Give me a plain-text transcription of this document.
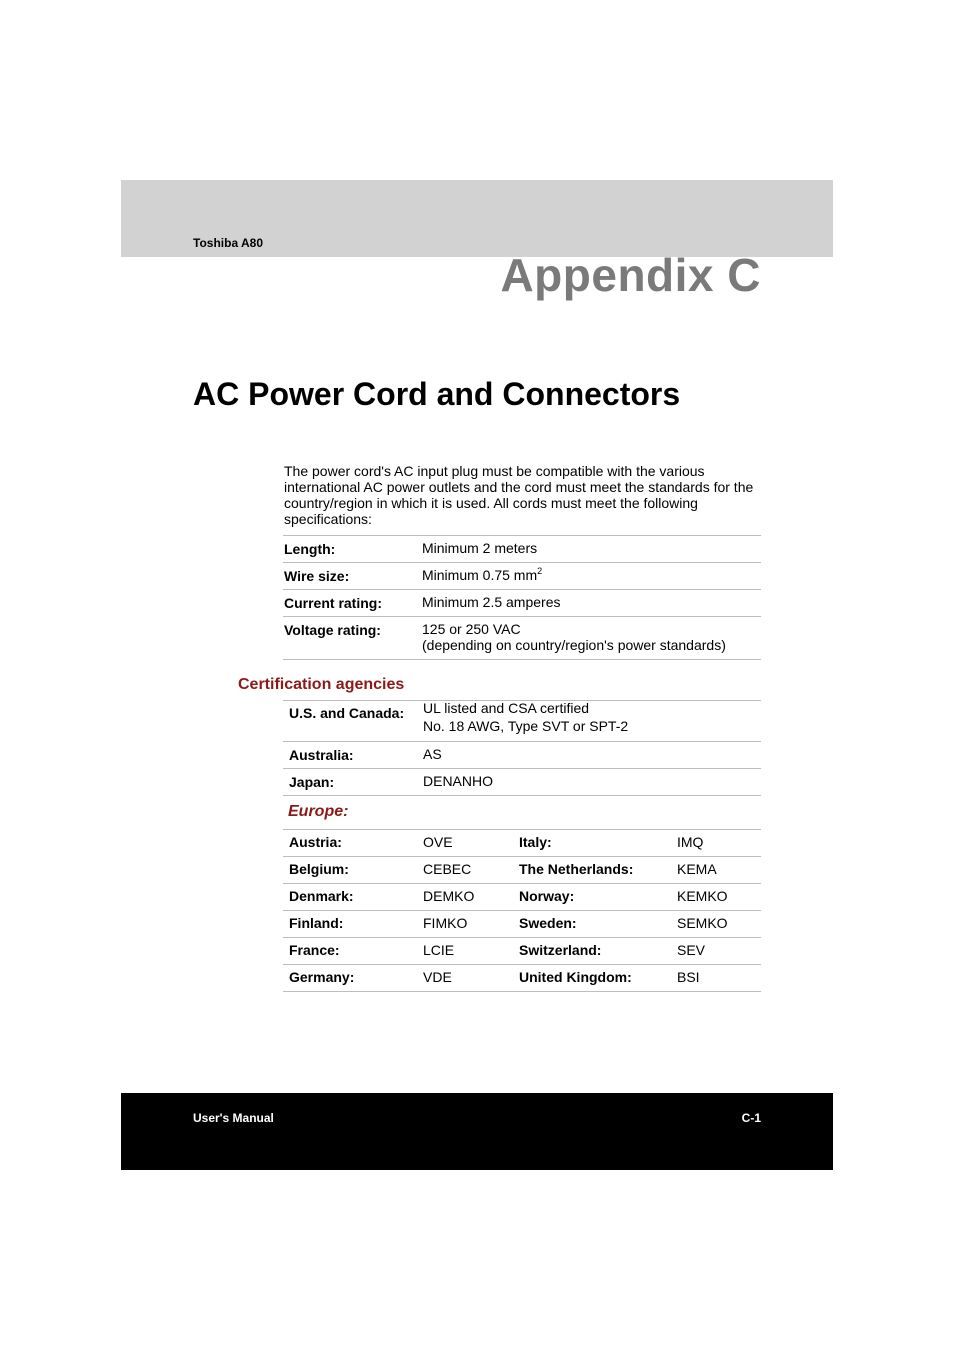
Toshiba A80
Appendix C
AC Power Cord and Connectors
The power cord's AC input plug must be compatible with the various international AC power outlets and the cord must meet the standards for the country/region in which it is used. All cords must meet the following specifications:
Length:	Minimum 2 meters
Wire size:	Minimum 0.75 $mm^2$
Current rating:	Minimum 2.5 amperes
Voltage rating:	125 or 250 VAC
(depending on country/region's power standards)
Certification agencies
U.S. and Canada:	UL listed and CSA certified
No. 18 AWG, Type SVT or SPT-2
Australia:	AS
Japan:	DENANHO
Europe:
Austria:	OVE	Italy:	IMQ
Belgium:	CEBEC	The Netherlands:	KEMA
Denmark:	DEMKO	Norway:	KEMKO
Finland:	FIMKO	Sweden:	SEMKO
France:	LCIE	Switzerland:	SEV
Germany:	VDE	United Kingdom:	BSI
User's Manual	C-1
